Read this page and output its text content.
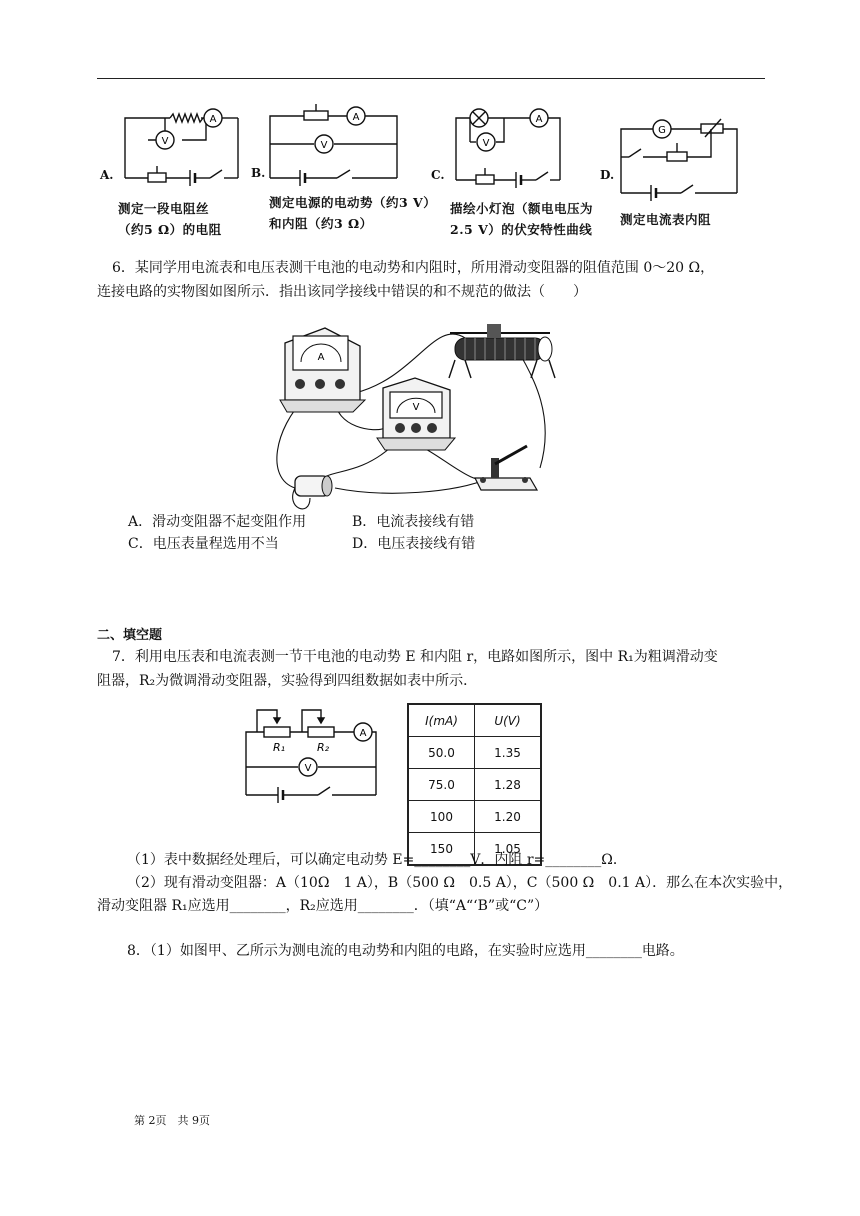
A
V
A.
测定一段电阻丝
（约5 Ω）的电阻
A
V
B.
测定电源的电动势（约3 V）
和内阻（约3 Ω）
A
V
C.
描绘小灯泡（额电电压为
2.5 V）的伏安特性曲线
G
D.
测定电流表内阻
6．某同学用电流表和电压表测干电池的电动势和内阻时，所用滑动变阻器的阻值范围 0～20 Ω，
连接电路的实物图如图所示．指出该同学接线中错误的和不规范的做法（　　）
A
V
A．滑动变阻器不起变阻作用	B．电流表接线有错
C．电压表量程选用不当	D．电压表接线有错
二、填空题
7．利用电压表和电流表测一节干电池的电动势 E 和内阻 r，电路如图所示，图中 R₁为粗调滑动变
阻器，R₂为微调滑动变阻器，实验得到四组数据如表中所示．
A
V
R₁	R₂
I(mA)	U(V)
50.0	1.35
75.0	1.28
100	1.20
150	1.05
（1）表中数据经处理后，可以确定电动势 E=________V．内阻 r=________Ω．
（2）现有滑动变阻器：A（10Ω　1 A），B（500 Ω　0.5 A），C（500 Ω　0.1 A）．那么在本次实验中，
滑动变阻器 R₁应选用________，R₂应选用________．（填“A“‘B”或“C”）
8．（1）如图甲、乙所示为测电流的电动势和内阻的电路，在实验时应选用________电路。
第 2页　共 9页
